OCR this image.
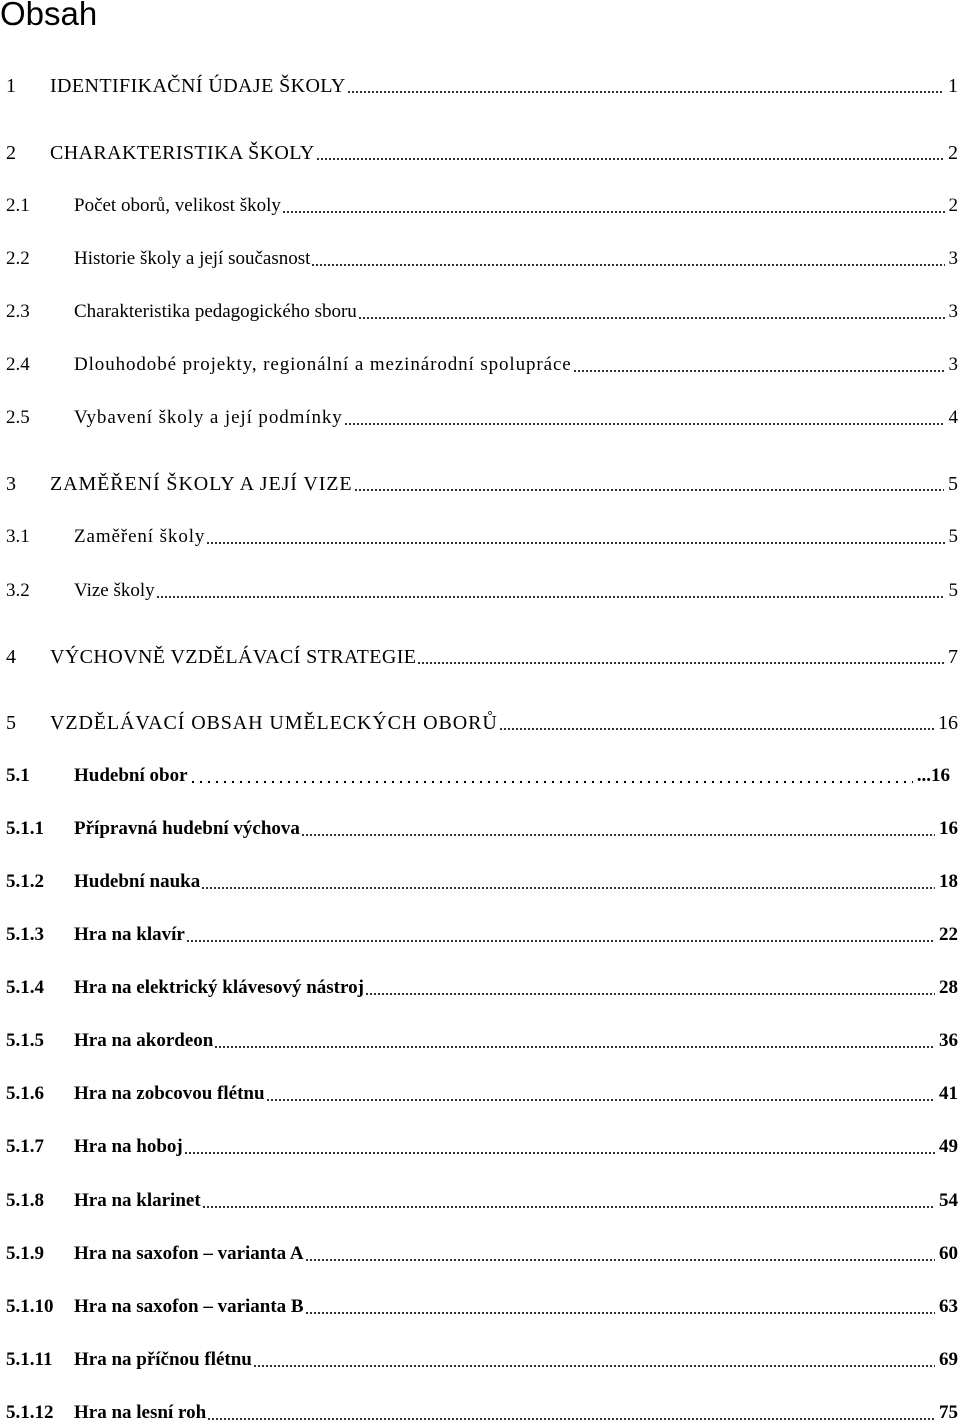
Obsah
1	IDENTIFIKAČNÍ ÚDAJE ŠKOLY	1
2	CHARAKTERISTIKA ŠKOLY	2
2.1	Počet oborů, velikost školy	2
2.2	Historie školy a její současnost	3
2.3	Charakteristika pedagogického sboru	3
2.4	Dlouhodobé projekty, regionální a mezinárodní spolupráce	3
2.5	Vybavení školy a její podmínky	4
3	ZAMĚŘENÍ ŠKOLY A JEJÍ VIZE	5
3.1	Zaměření školy	5
3.2	Vize školy	5
4	VÝCHOVNĚ VZDĚLÁVACÍ STRATEGIE	7
5	VZDĚLÁVACÍ OBSAH UMĚLECKÝCH OBORŮ	16
5.1	Hudební obor	...16
5.1.1	Přípravná hudební výchova	16
5.1.2	Hudební nauka	18
5.1.3	Hra na klavír	22
5.1.4	Hra na elektrický klávesový nástroj	28
5.1.5	Hra na akordeon	36
5.1.6	Hra na zobcovou flétnu	41
5.1.7	Hra na hoboj	49
5.1.8	Hra na klarinet	54
5.1.9	Hra na saxofon – varianta A	60
5.1.10	Hra na saxofon – varianta B	63
5.1.11	Hra na příčnou flétnu	69
5.1.12	Hra na lesní roh	75
